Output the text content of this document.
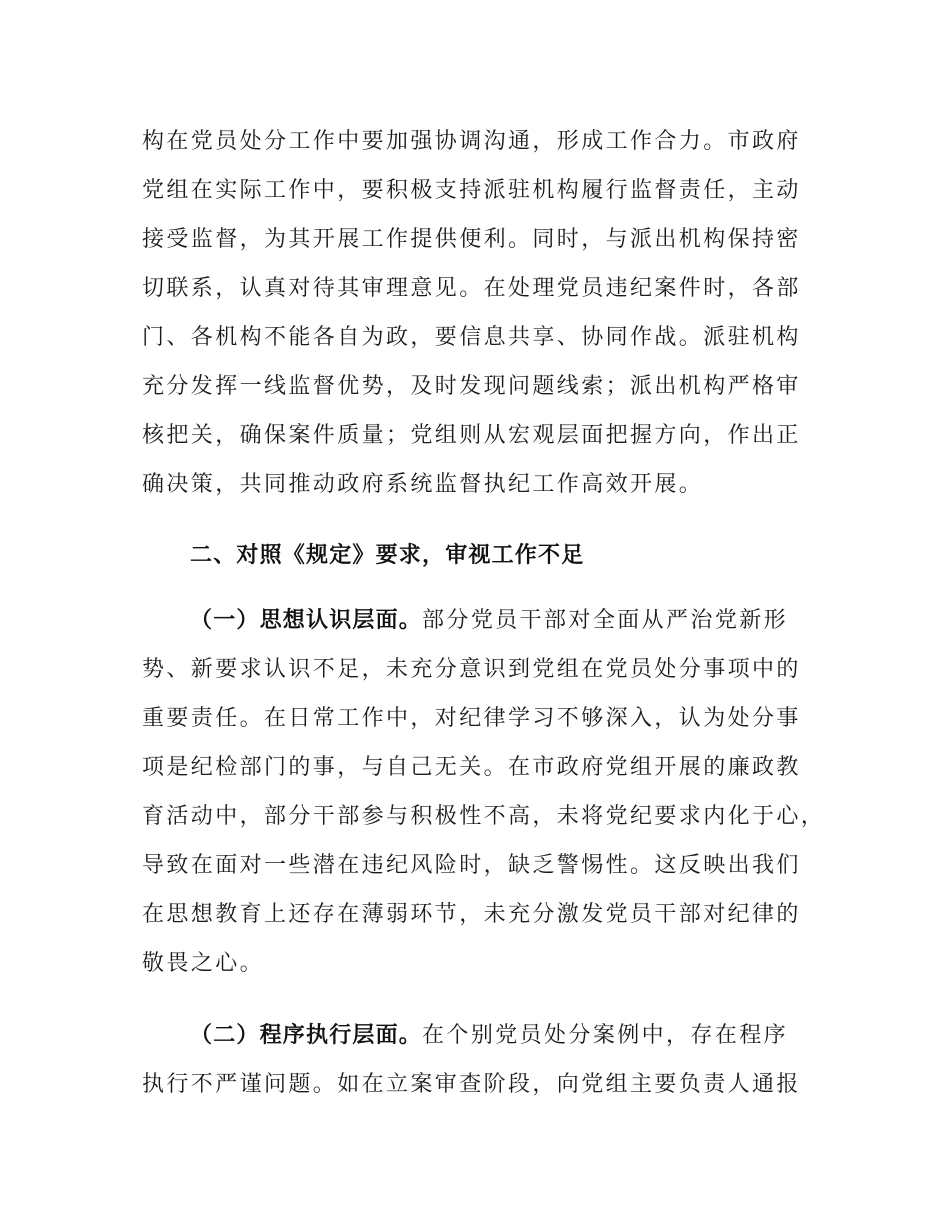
构在党员处分工作中要加强协调沟通，形成工作合力。市政府
党组在实际工作中，要积极支持派驻机构履行监督责任，主动
接受监督，为其开展工作提供便利。同时，与派出机构保持密
切联系，认真对待其审理意见。在处理党员违纪案件时，各部
门、各机构不能各自为政，要信息共享、协同作战。派驻机构
充分发挥一线监督优势，及时发现问题线索；派出机构严格审
核把关，确保案件质量；党组则从宏观层面把握方向，作出正
确决策，共同推动政府系统监督执纪工作高效开展。
二、对照《规定》要求，审视工作不足
（一）思想认识层面。部分党员干部对全面从严治党新形
势、新要求认识不足，未充分意识到党组在党员处分事项中的
重要责任。在日常工作中，对纪律学习不够深入，认为处分事
项是纪检部门的事，与自己无关。在市政府党组开展的廉政教
育活动中，部分干部参与积极性不高，未将党纪要求内化于心，
导致在面对一些潜在违纪风险时，缺乏警惕性。这反映出我们
在思想教育上还存在薄弱环节，未充分激发党员干部对纪律的
敬畏之心。
（二）程序执行层面。在个别党员处分案例中，存在程序
执行不严谨问题。如在立案审查阶段，向党组主要负责人通报
